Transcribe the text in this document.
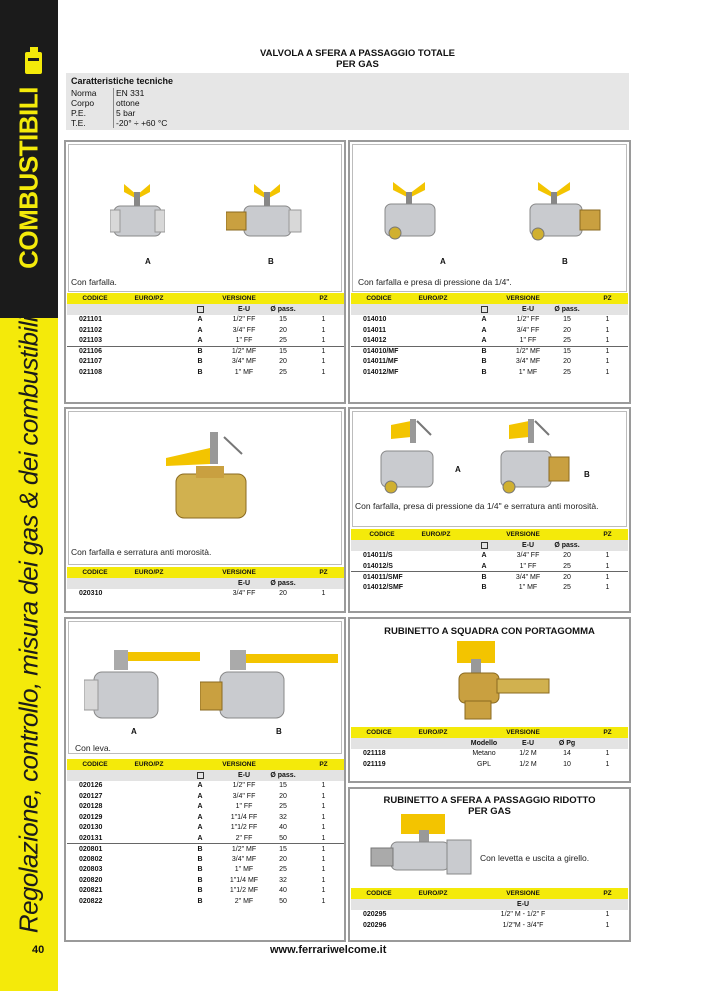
COMBUSTIBILI
Regolazione, controllo, misura dei gas & dei combustibili
40	www.ferrariwelcome.it
VALVOLA A SFERA A PASSAGGIO TOTALE
PER GAS
Caratteristiche tecniche
Norma	EN 331
Corpo	ottone
P.E.	5 bar
T.E.	-20° ÷ +60 °C
A	B	A	B
A
B
A	B
Con farfalla.	Con farfalla e presa di pressione da 1/4".
Con farfalla e serratura anti morosità.
Con farfalla, presa di pressione da 1/4" e serratura anti morosità.
Con leva.
RUBINETTO A SQUADRA CON PORTAGOMMA
RUBINETTO A SFERA A PASSAGGIO RIDOTTO
PER GAS
Con levetta e uscita a girello.
CODICE	EURO/PZ	VERSIONE			PZ
			E-U	Ø pass.	
021101		A	1/2" FF	15	1
021102		A	3/4" FF	20	1
021103		A	1" FF	25	1
021106		B	1/2" MF	15	1
021107		B	3/4" MF	20	1
021108		B	1" MF	25	1
CODICE	EURO/PZ	VERSIONE			PZ
			E-U	Ø pass.	
014010		A	1/2" FF	15	1
014011		A	3/4" FF	20	1
014012		A	1" FF	25	1
014010/MF		B	1/2" MF	15	1
014011/MF		B	3/4" MF	20	1
014012/MF		B	1" MF	25	1
CODICE	EURO/PZ	VERSIONE			PZ
			E-U	Ø pass.	
020310			3/4" FF	20	1
CODICE	EURO/PZ	VERSIONE			PZ
			E-U	Ø pass.	
014011/S		A	3/4" FF	20	1
014012/S		A	1" FF	25	1
014011/SMF		B	3/4" MF	20	1
014012/SMF		B	1" MF	25	1
CODICE	EURO/PZ	VERSIONE			PZ
			E-U	Ø pass.	
020126		A	1/2" FF	15	1
020127		A	3/4" FF	20	1
020128		A	1" FF	25	1
020129		A	1"1/4 FF	32	1
020130		A	1"1/2 FF	40	1
020131		A	2" FF	50	1
020801		B	1/2" MF	15	1
020802		B	3/4" MF	20	1
020803		B	1" MF	25	1
020820		B	1"1/4 MF	32	1
020821		B	1"1/2 MF	40	1
020822		B	2" MF	50	1
CODICE	EURO/PZ	VERSIONE			PZ
		Modello	E-U	Ø Pg	
021118		Metano	1/2 M	14	1
021119		GPL	1/2 M	10	1
CODICE	EURO/PZ	VERSIONE	PZ
		E-U	
020295		1/2" M - 1/2" F	1
020296		1/2"M - 3/4"F	1
